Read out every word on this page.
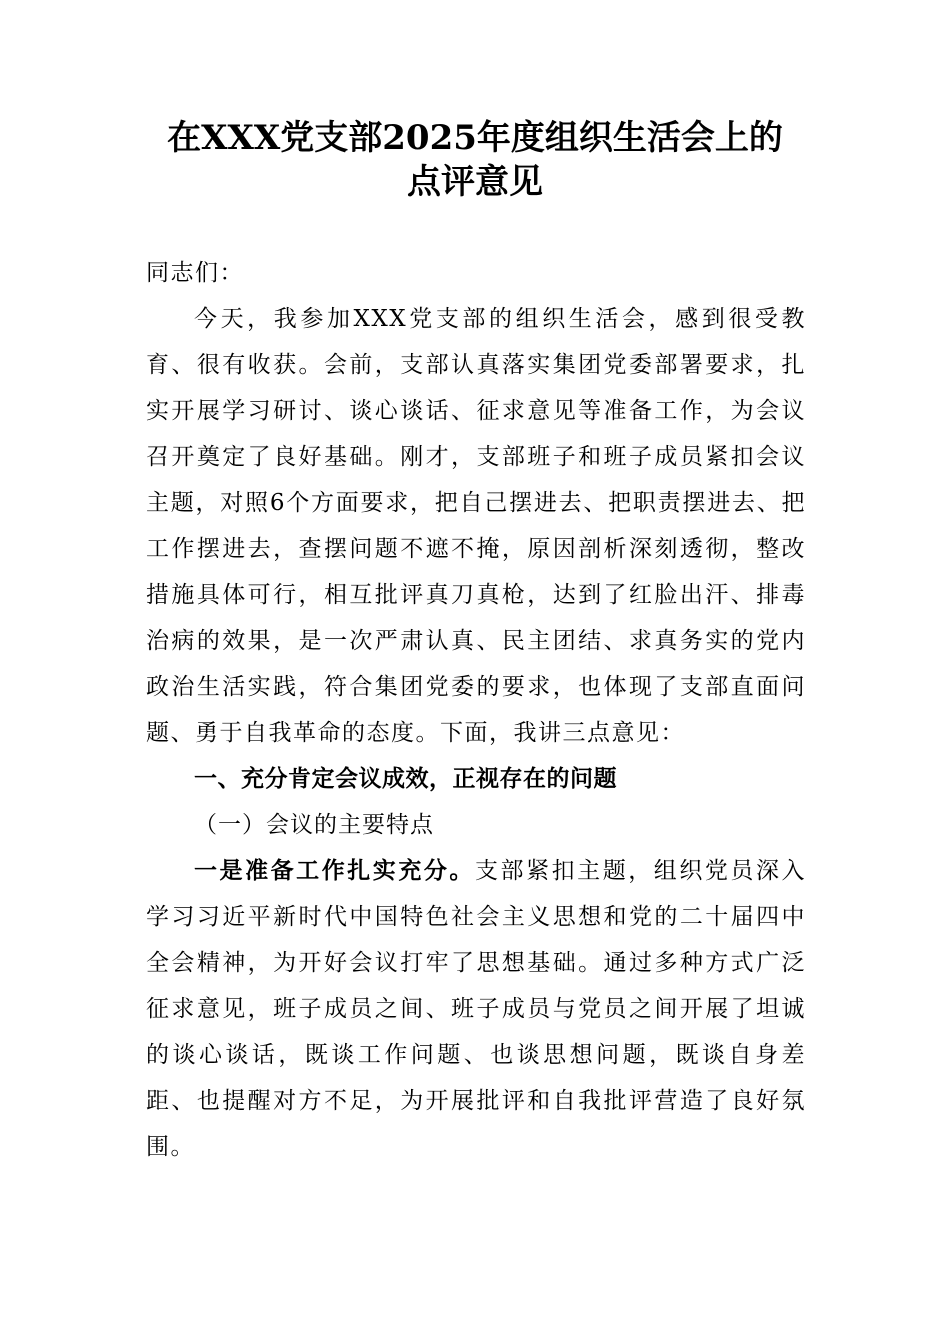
在XXX党支部2025年度组织生活会上的
点评意见

同志们：

今天，我参加XXX党支部的组织生活会，感到很受教育、很有收获。会前，支部认真落实集团党委部署要求，扎实开展学习研讨、谈心谈话、征求意见等准备工作，为会议召开奠定了良好基础。刚才，支部班子和班子成员紧扣会议主题，对照6个方面要求，把自己摆进去、把职责摆进去、把工作摆进去，查摆问题不遮不掩，原因剖析深刻透彻，整改措施具体可行，相互批评真刀真枪，达到了红脸出汗、排毒治病的效果，是一次严肃认真、民主团结、求真务实的党内政治生活实践，符合集团党委的要求，也体现了支部直面问题、勇于自我革命的态度。下面，我讲三点意见：

一、充分肯定会议成效，正视存在的问题

（一）会议的主要特点

一是准备工作扎实充分。支部紧扣主题，组织党员深入学习习近平新时代中国特色社会主义思想和党的二十届四中全会精神，为开好会议打牢了思想基础。通过多种方式广泛征求意见，班子成员之间、班子成员与党员之间开展了坦诚的谈心谈话，既谈工作问题、也谈思想问题，既谈自身差距、也提醒对方不足，为开展批评和自我批评营造了良好氛围。
